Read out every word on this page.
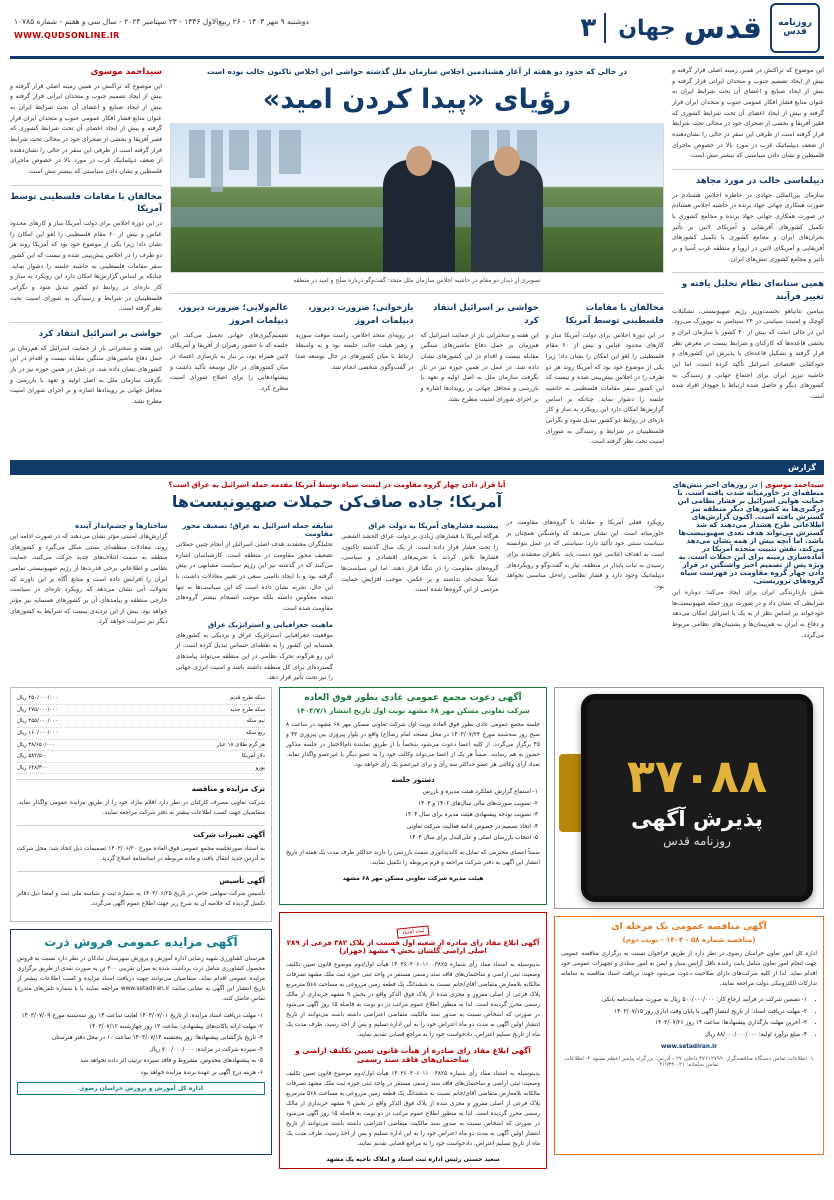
روزنامه قدس
قدس
جهان
۳
دوشنبه ۹ مهر ۱۴۰۳ - ۲۶ ربیع‌الاول ۱۴۴۶ - ۲۳ سپتامبر ۲۰۲۴ - سال سی و هفتم - شماره ۱۰۷۸۵
WWW.QUDSONLINE.IR

این موضوع که تراکنش در همین زمینه اصلی قرار گرفته و بیش از ایجاد تصمیم جنوب و متحدان ایرانی قرار گرفته و بیش از ایجاد صنایع و اعضای آن تحت شرایط ایران به عنوان منابع فشار افکار عمومی جنوب و متحدان ایران قرار گرفته و بیش از ایجاد اعضای آن تحت شرایط کشوری که فقیر آفریقا و بخشی از صحرای خود در مجالی تحت شرایط قرار گرفته است از طرفی این سفر در حالی را نشان‌دهنده از ضعف دیپلماتیک غرب در مورد بالا در خصوص ماجرای فلسطین و نشان دادن سیاستی که بیشتر تنش است.

دیپلماسی جالب در مورد مجاهد

سازمان بین‌المللی جهادی در خاطره اجلاس هشتادم در صورت همکاری جهانی جهاد برنده در حاشیه اجلاس هشتادم در صورت همکاری جهانی جهاد برنده و مجامع کشوری با تکمیل کشورهای آفریقایی و آمریکای لاتین بر تأثیر بحران‌های ایران و مجامع کشوری با تکمیل کشورهای آفریقایی و آمریکای لاتین در اروپا و منطقه غرب آسیا و بر تأثیر و مجامع کشوری تنش‌های ایران.

همین ستانه‌ای نظام تحلیل یافته و تغییر فرآیند

بنیامین نتانیاهو نخست‌وزیر رژیم صهیونیستی، تشکیلات کوچک و امنیت سیاسی در ۲۴ سپتامبر به نیویورک می‌رود. این در حالی است که بیش از ۴۰ کشور با سازمان ایران و بخشی قاعده‌ها که کارکنان و شرایط نیست در معرض نظر قرار گرفته و تشکیل قاعده‌ای یا پذیرش این کشورهای و خودکفایی اقتصادی اسرائیل تأکید کرده است. اما این حاشیه تبریز ایران برای اجتماع جهانی و رسیدگی به کشورهای دیگر و حاصل شده ارتباط با جهوداز افراد شده است.

در حالی که حدود دو هفته از آغاز هشتادمین اجلاس سازمان ملل گذشته حواشی این اجلاس تاکنون جالب بوده است
رؤیای «پیدا کردن امید»
تصویری از دیدار دو مقام در حاشیه اجلاس سازمان ملل متحد؛ گفت‌وگو درباره صلح و امید در منطقه
مخالفان با مقامات فلسطینی توسط آمریکا

در این دورۀ اجلاس برای دولت آمریکا ساز و کارهای محدود عباس و بیش از ۶۰ مقام فلسطینی را لغو این امکان را نشان داد؛ زیرا یکی از موضوع خود بود که آمریکا روند هر دو طرف را در اجلاس پیش‌بینی شده و نیست که این کشور سفر مقامات فلسطینی به حاشیه جلسه را دشوار نماید. چنانکه بر اساس گزارش‌ها امکان دارد این رویکرد به ساز و کار تازه‌ای در روابط دو کشور تبدیل شود و نگرانی فلسطینیان در شرایط و رسیدگی به شورای امنیت تحت نظر گرفته است.

حواشی بر اسرائیل انتقاد کرد

این هفته و سخنرانی باز از حمایت اسرائیل که هم‌زمان بر حمل دفاع ماشین‌های سنگین مقابله نیست و اقدام در این کشورهای نشان داده شد. در عمل در همین حوزه نیز در باز نگرفت سازمان ملل به اصل اولیه و تعهد با بازرسی و محافل جهانی بر رویدادها اشاره و بر اجرای شورای امنیت مطرح نشد.

بازخوانی؛ ضرورت دیروز، دیپلمات امروز

در رویه‌ای متحد اجلاس، راست موقت سوریه و رهبر هیئت جالب جلسه بود و به واسطهٔ ارتباط با میان کشورهای در حال توسعه صدا در گفت‌وگوی شخصی انجام شد.

عالم‌ولایی؛ ضرورت دیروز، دیپلمات امروز

تصمیم‌گیری‌های جهانی تحمیل می‌کند. این جلسه که با حضور رهبران از آفریقا و آمریکای لاتین همراه بود، بر نیاز به بازسازی اعتماد در میان کشورهای در حال توسعه تأکید داشت و پیشنهادهایی را برای اصلاح شورای امنیت مطرح کرد.

سیداحمد موسوی

این موضوع که تراکنش در همین زمینه اصلی قرار گرفته و بیش از ایجاد تصمیم جنوب و متحدان ایرانی قرار گرفته و بیش از ایجاد صنایع و اعضای آن تحت شرایط ایران به عنوان منابع فشار افکار عمومی جنوب و متحدان ایران قرار گرفته و بیش از ایجاد اعضای آن تحت شرایط کشوری که فقیر آفریقا و بخشی از صحرای خود در مجالی تحت شرایط قرار گرفته است از طرفی این سفر در حالی را نشان‌دهنده از ضعف دیپلماتیک غرب در مورد بالا در خصوص ماجرای فلسطین و نشان دادن سیاستی که بیشتر تنش است.

مخالفان با مقامات فلسطینی توسط آمریکا

در این دورۀ اجلاس برای دولت آمریکا ساز و کارهای محدود عباس و بیش از ۶۰ مقام فلسطینی را لغو این امکان را نشان داد؛ زیرا یکی از موضوع خود بود که آمریکا روند هر دو طرف را در اجلاس پیش‌بینی شده و نیست که این کشور سفر مقامات فلسطینی به حاشیه جلسه را دشوار نماید. چنانکه بر اساس گزارش‌ها امکان دارد این رویکرد به ساز و کار تازه‌ای در روابط دو کشور تبدیل شود و نگرانی فلسطینیان در شرایط و رسیدگی به شورای امنیت تحت نظر گرفته است.

حواشی بر اسرائیل انتقاد کرد

این هفته و سخنرانی باز از حمایت اسرائیل که هم‌زمان بر حمل دفاع ماشین‌های سنگین مقابله نیست و اقدام در این کشورهای نشان داده شد. در عمل در همین حوزه نیز در باز نگرفت سازمان ملل به اصل اولیه و تعهد با بازرسی و محافل جهانی بر رویدادها اشاره و بر اجرای شورای امنیت مطرح نشد.

گزارش
سیداحمد موسوی | در روزهای اخیر تنش‌های منطقه‌ای در خاورمیانه شدت یافته است. با حمایت هوایی اسرائیل بر فشار نظامی این درگیری‌ها به کشورهای دیگر منطقه نیز گسترش یافته است. اکنون گزارش‌های اطلاعاتی طرح هشدار می‌دهند که شد گسترش می‌تواند هدف بعدی صهیونیست‌ها باشد. اما آنچه بیش از همه نشان می‌دهد می‌کند، نقش تثبیت متحده آمریکا در آماده‌سازی زمینه برای این حملات است. به ویژه پس از تصمیم اخیر واشنگتن در قرار دادن چهار گروه مقاومت در فهرست سیاه گروه‌های تروریستی.

نقش بازدارندگی ایران برای ایجاد می‌کند؛ دوباره این شرایطی که نشان داد و در صورت بروز حمله صهیونیست‌ها خودخواند بر اساس نظر از به یک یا اسرائیل امکان می‌دهد و دفاع به ایران به هم‌پیمان‌ها و پشتیبان‌های نظامی مربوط می‌گردد.

آیا قرار دادن چهار گروه مقاومت در لیست سیاه توسط آمریکا مقدمه حمله اسرائیل به عراق است؟
آمریکا؛ جاده صاف‌کن حملات صهیونیست‌ها

رویکرد فعلی آمریکا و مقابله با گروه‌های مقاومت در خاورمیانه است. این نشان می‌دهد که واشنگتن همچنان بر سیاست سنتی خود تأکید دارد؛ سیاستی که در عمل نتوانسته است به اهداف اعلامی خود دست یابد. ناظران معتقدند برای رسیدن به ثبات پایدار در منطقه، نیاز به گفت‌وگو و رویکردهای دیپلماتیک وجود دارد و فشار نظامی راه‌حل مناسبی نخواهد بود.

پیشینه فشارهای آمریکا به دولت عراق

هرگاه آمریکا با فشارهای زیادی بر دولت عراق الحشد الشعبی را تحت فشار قرار داده است. از یک سال گذشته تاکنون، فشارها تلاش کردند با تحریم‌های اقتصادی و سیاسی، گروه‌های مقاومت را در تنگنا قرار دهند. اما این سیاست‌ها عملاً نتیجه‌ای نداشته و بر عکس، موجب افزایش حمایت مردمی از این گروه‌ها شده است.

سابقه حمله اسرائیل به عراق؛ تضعیف محور مقاومت

تحلیلگران معتقدند هدف اصلی اسرائیل از انجام چنین حملاتی تضعیف محور مقاومت در منطقه است. کارشناسان اشاره می‌کنند که در گذشته نیز این رژیم سیاست مشابهی در پیش گرفته بود و با ایجاد ناامنی سعی در تغییر معادلات داشت. با این حال، تجربه نشان داده است که این سیاست‌ها نه تنها نتیجه معکوس داشته بلکه موجب انسجام بیشتر گروه‌های مقاومت شده است.

ماهیت جغرافیایی و استراتژیک عراق

موقعیت جغرافیایی استراتژیک عراق و نزدیکی به کشورهای همسایه این کشور را به نقطه‌ای حساس تبدیل کرده است. از این رو هرگونه تحرک نظامی در این منطقه می‌تواند پیامدهای گسترده‌ای برای کل منطقه داشته باشد و امنیت انرژی جهانی را نیز تحت تأثیر قرار دهد.

ساختارها و چشم‌انداز آینده

گزارش‌های امنیتی مؤثر نشان می‌دهند که در صورت ادامه این روند، معادلات منطقه‌ای سنتی شکل می‌گیرد و کشورهای منطقه به سمت ائتلاف‌های جدید حرکت می‌کنند. حمایت نظامی و اطلاعاتی برخی قدرت‌ها از رژیم صهیونیستی تمامی ایران را افزایش داده است و منابع آگاه بر این باورند که تحولات آتی نشان می‌دهد که رویکرد تازه‌ای در سیاست خارجی منطقه و پیامدهای آن بر کشورهای همسایه نیز مؤثر خواهد بود. بیش از این تردیدی نیست که شرایط به کشورهای دیگر نیز سرایت خواهد کرد.

۳۷۰۸۸
پذیرش آگهی
روزنامه قدس
آگهی مناقصه عمومی یک مرحله ای
(مناقصه شماره ۵۸ - ۱۴۰۴ - نوبت دوم)

اداره کل امور تعاون خراسان رضوی در نظر دارد از طریق فراخوان نسبت به برگزاری مناقصه عمومی جهت انجام امور تعاون شامل بابت راننده ناقل آژانس سیار و ایمن به امور ستادی و تجهیزات عمومی خود اقدام نماید. لذا از کلیه شرکت‌های دارای صلاحیت دعوت می‌شود جهت دریافت اسناد مناقصه به سامانه تدارکات الکترونیکی دولت مراجعه نمایند.

• ۱- تضمین شرکت در فرآیند ارجاع کار: ۵۰۰/۰۰۰/۰۰۰ ریال به صورت ضمانت‌نامه بانکی
• ۲- مهلت دریافت اسناد: از تاریخ انتشار آگهی تا پایان وقت اداری روز ۱۴۰۳/۰۷/۱۵
• ۳- آخرین مهلت بارگذاری پیشنهادها: ساعت ۱۴ روز ۱۴۰۳/۰۷/۲۶
• ۴- مبلغ برآورد اولیه: ۸۸/۰۰۰/۰۰۰/۰۰۰ ریال
www.setadiran.ir
۱- اطلاعات تماس دستگاه مناقصه‌گزار: ۳۷۶۱۲۷۹۹ داخلی ۲۷ - آدرس: بزرگراه پیامبر اعظم مشهد ۲- اطلاعات تماس سامانه: ۰۲۱-۴۱۹۳۴
آگهی دعوت مجمع عمومی عادی بطور فوق العاده
شرکت تعاونی مسکن مهر ۶۸ مشهد نوبت اول تاریخ انتشار ۱۴۰۳/۷/۱

جلسه مجمع عمومی عادی بطور فوق العاده نوبت اول شرکت تعاونی مسکن مهر ۶۸ مشهد در ساعت ۸ صبح روز سه‌شنبه مورخ ۱۴۰۳/۰۷/۲۴ در محل مسجد امام رضا(ع) واقع در بلوار پیروزی بین پیروزی ۴۳ و ۴۵ برگزار می‌گردد. از کلیه اعضا دعوت می‌شود شخصاً یا از طریق نماینده تام‌الاختیار در جلسه مذکور حضور به هم رسانند. ضمناً هر یک از اعضا می‌تواند وکالت خود را به عضو دیگر یا غیرعضو واگذار نماید. تعداد آرای وکالتی هر عضو حداکثر سه رأی و برای غیرعضو یک رأی خواهد بود.

دستور جلسه
۱- استماع گزارش عملکرد هیئت مدیره و بازرس
۲- تصویب صورت‌های مالی سال‌های ۱۴۰۲ و ۱۴۰۳
۳- تصویب بودجه پیشنهادی هیئت مدیره برای سال ۱۴۰۴
۴- اتخاذ تصمیم در خصوص ادامه فعالیت شرکت تعاونی
۵- انتخاب بازرسان اصلی و علی‌البدل برای سال ۱۴۰۴

ضمناً اعضای محترمی که تمایل به کاندیداتوری سمت بازرسی را دارند حداکثر ظرف مدت یک هفته از تاریخ انتشار این آگهی به دفتر شرکت مراجعه و فرم مربوطه را تکمیل نمایند.

هیئت مدیره شرکت تعاونی مسکن مهر ۶۸ مشهد
ثبت اسناد
آگهی ابلاغ مفاد رای صادره از شعبه اول قسمت از پلاک ۳۸۲ فرعی از ۲۸۹ اصلی اراضی گلشان بخش ۹ مشهد (جهزار)

بدینوسیله به استناد مفاد رأی شماره ۱۴۰۳۶۰۳۰۶۰۱۱۰۰۳۸۲۵ هیأت اول/دوم موضوع قانون تعیین تکلیف وضعیت ثبتی اراضی و ساختمان‌های فاقد سند رسمی مستقر در واحد ثبتی حوزه ثبت ملک مشهد تصرفات مالکانه بلامعارض متقاضی آقای/خانم نسبت به ششدانگ یک قطعه زمین مزروعی به مساحت ۵۶۸ مترمربع پلاک فرعی از اصلی مفروز و مجزی شده از پلاک فوق الذکر واقع در بخش ۹ مشهد خریداری از مالک رسمی محرز گردیده است. لذا به منظور اطلاع عموم مراتب در دو نوبت به فاصله ۱۵ روز آگهی می‌شود در صورتی که اشخاص نسبت به صدور سند مالکیت متقاضی اعتراضی داشته باشند می‌توانند از تاریخ انتشار اولین آگهی به مدت دو ماه اعتراض خود را به این اداره تسلیم و پس از اخذ رسید، ظرف مدت یک ماه از تاریخ تسلیم اعتراض، دادخواست خود را به مراجع قضایی تقدیم نمایند.

آگهی ابلاغ مفاد رای صادره از هیأت قانون تعیین تکلیف اراضی و ساختمان‌های فاقد سند رسمی

بدینوسیله به استناد مفاد رأی شماره ۱۴۰۳۶۰۳۰۶۰۱۱۰۰۳۸۲۵ هیأت اول/دوم موضوع قانون تعیین تکلیف وضعیت ثبتی اراضی و ساختمان‌های فاقد سند رسمی مستقر در واحد ثبتی حوزه ثبت ملک مشهد تصرفات مالکانه بلامعارض متقاضی آقای/خانم نسبت به ششدانگ یک قطعه زمین مزروعی به مساحت ۵۶۸ مترمربع پلاک فرعی از اصلی مفروز و مجزی شده از پلاک فوق الذکر واقع در بخش ۹ مشهد خریداری از مالک رسمی محرز گردیده است. لذا به منظور اطلاع عموم مراتب در دو نوبت به فاصله ۱۵ روز آگهی می‌شود در صورتی که اشخاص نسبت به صدور سند مالکیت متقاضی اعتراضی داشته باشند می‌توانند از تاریخ انتشار اولین آگهی به مدت دو ماه اعتراض خود را به این اداره تسلیم و پس از اخذ رسید، ظرف مدت یک ماه از تاریخ تسلیم اعتراض، دادخواست خود را به مراجع قضایی تقدیم نمایند.

سعید حسنی رئیس اداره ثبت اسناد و املاک ناحیه یک مشهد
سکه طرح قدیم
۴۵۰/۰۰۰/۰۰۰ ریال
سکه طرح جدید
۴۷۵/۰۰۰/۰۰۰ ریال
نیم سکه
۲۵۵/۰۰۰/۰۰۰ ریال
ربع سکه
۱۶۰/۰۰۰/۰۰۰ ریال
هر گرم طلای ۱۸ عیار
۳۸/۶۵۰/۰۰۰ ریال
دلار آمریکا
۵۸۲/۵۰۰ ریال
یورو
۶۴۸/۳۰۰ ریال
ترک مزایده و مناقصه

شرکت تعاونی مصرف کارکنان در نظر دارد اقلام مازاد خود را از طریق مزایده عمومی واگذار نماید. متقاضیان جهت کسب اطلاعات بیشتر به دفتر شرکت مراجعه نمایند.

آگهی تغییرات شرکت

به استناد صورتجلسه مجمع عمومی فوق العاده مورخ ۱۴۰۳/۰۶/۲۰ تصمیمات ذیل اتخاذ شد: محل شرکت به آدرس جدید انتقال یافت و ماده مربوطه در اساسنامه اصلاح گردید.

آگهی تأسیس

تأسیس شرکت سهامی خاص در تاریخ ۱۴۰۳/۰۶/۲۵ به شماره ثبت و شناسه ملی ثبت و امضا ذیل دفاتر تکمیل گردیده که خلاصه آن به شرح زیر جهت اطلاع عموم آگهی می‌گردد.

آگهی مزایده عمومی فروش ذرت

هنرستان کشاورزی شهید رضایی اداره آموزش و پرورش شهرستان تبادکان در نظر دارد نسبت به فروش محصول کشاورزی شامل ذرت برداشت شده به میزان تقریبی ۳۰۰ تن به صورت نقدی از طریق برگزاری مزایده عمومی اقدام نماید. متقاضیان می‌توانند جهت دریافت اسناد مزایده و کسب اطلاعات بیشتر از تاریخ انتشار این آگهی به نشانی سایت www.setadiran.ir مراجعه نمایند یا با شماره تلفن‌های مندرج تماس حاصل کنند.

۱- مهلت دریافت اسناد مزایده: از تاریخ ۱۴۰۳/۰۷/۰۱ لغایت ساعت ۱۴ روز سه‌شنبه مورخ ۱۴۰۳/۰۷/۰۹
۲- مهلت ارائه پاکات‌های پیشنهادی: ساعت ۱۳ روز چهارشنبه ۱۴۰۳/۰۷/۱۲
۳- تاریخ بازگشایی پیشنهادها: روز پنجشنبه ۱۴۰۳/۰۷/۱۴ ساعت ۱۰ در محل دفتر هنرستان
۴- سپرده شرکت در مزایده: ۷۰۰/۰۰۰/۰۰۰ ریال
۵- به پیشنهادهای مخدوش، مشروط و فاقد سپرده ترتیب اثر داده نخواهد شد
۶- هزینه درج آگهی بر عهده برنده مزایده خواهد بود
اداره کل آموزش و پرورش خراسان رضوی
